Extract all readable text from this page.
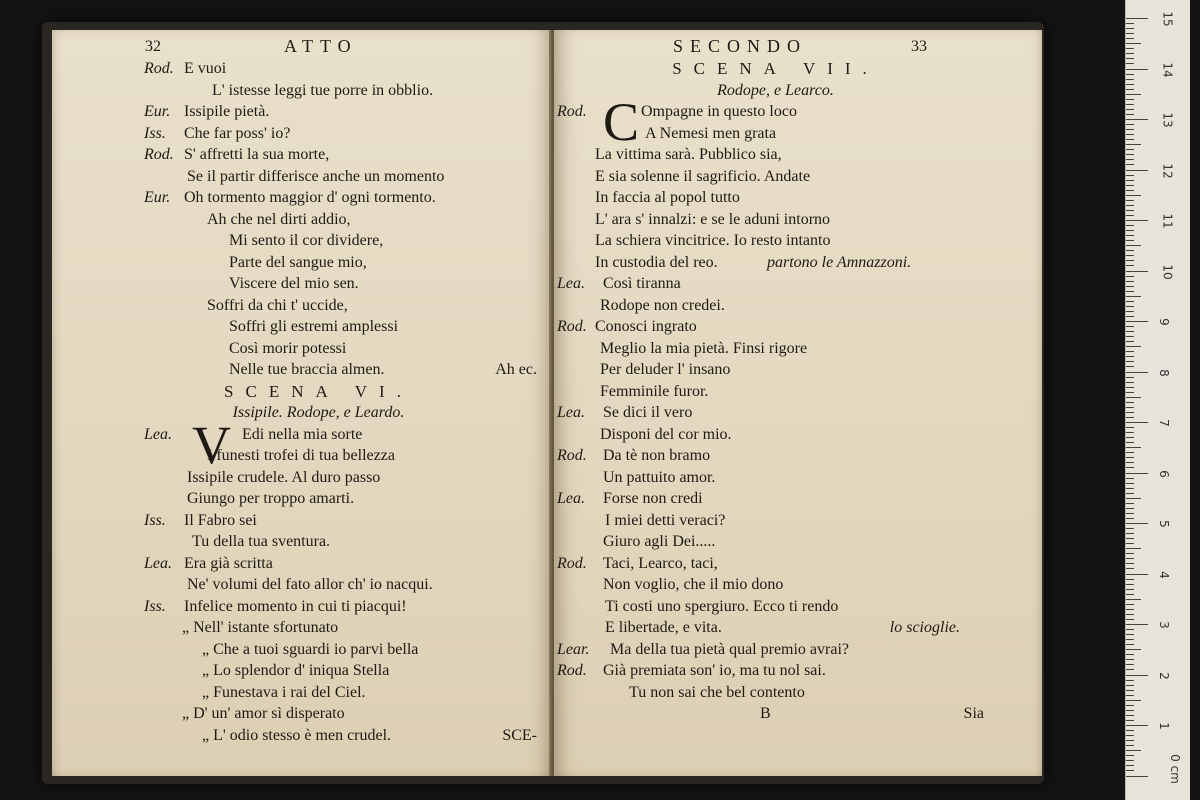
32	ATTO
Rod. E vuoi
L' istesse leggi tue porre in obblio.
Eur. Issipile pietà.
Iss. Che far poss' io?
Rod. S' affretti la sua morte,
Se il partir differisce anche un momento
Eur. Oh tormento maggior d' ogni tormento.
Ah che nel dirti addio,
Mi sento il cor dividere,
Parte del sangue mio,
Viscere del mio sen.
Soffri da chi t' uccide,
Soffri gli estremi amplessi
Così morir potessi
Nelle tue braccia almen.	Ah ec.
SCENA VI.
Issipile. Rodope, e Leardo.
Lea. V Edi nella mia sorte
I funesti trofei di tua bellezza
Issipile crudele. Al duro passo
Giungo per troppo amarti.
Iss. Il Fabro sei
Tu della tua sventura.
Lea. Era già scritta
Ne' volumi del fato allor ch' io nacqui.
Iss. Infelice momento in cui ti piacqui!
„ Nell' istante sfortunato
„ Che a tuoi sguardi io parvi bella
„ Lo splendor d' iniqua Stella
„ Funestava i rai del Ciel.
„ D' un' amor sì disperato
„ L' odio stesso è men crudel.	SCE-
SECONDO	33
SCENA VII.
Rodope, e Learco.
Rod. C Ompagne in questo loco
A Nemesi men grata
La vittima sarà. Pubblico sia,
E sia solenne il sagrificio. Andate
In faccia al popol tutto
L' ara s' innalzi: e se le aduni intorno
La schiera vincitrice. Io resto intanto
In custodia del reo.	partono le Amnazzoni.
Lea. Così tiranna
Rodope non credei.
Rod. Conosci ingrato
Meglio la mia pietà. Finsi rigore
Per deluder l' insano
Femminile furor.
Lea. Se dici il vero
Disponi del cor mio.
Rod. Da tè non bramo
Un pattuito amor.
Lea. Forse non credi
I miei detti veraci?
Giuro agli Dei.....
Rod. Taci, Learco, taci,
Non voglio, che il mio dono
Ti costi uno spergiuro. Ecco ti rendo
E libertade, e vita.	lo scioglie.
Lear. Ma della tua pietà qual premio avrai?
Rod. Già premiata son' io, ma tu nol sai.
Tu non sai che bel contento
B	Sia
15
14
13
12
11
10
9
8
7
6
5
4
3
2
1
0 cm
